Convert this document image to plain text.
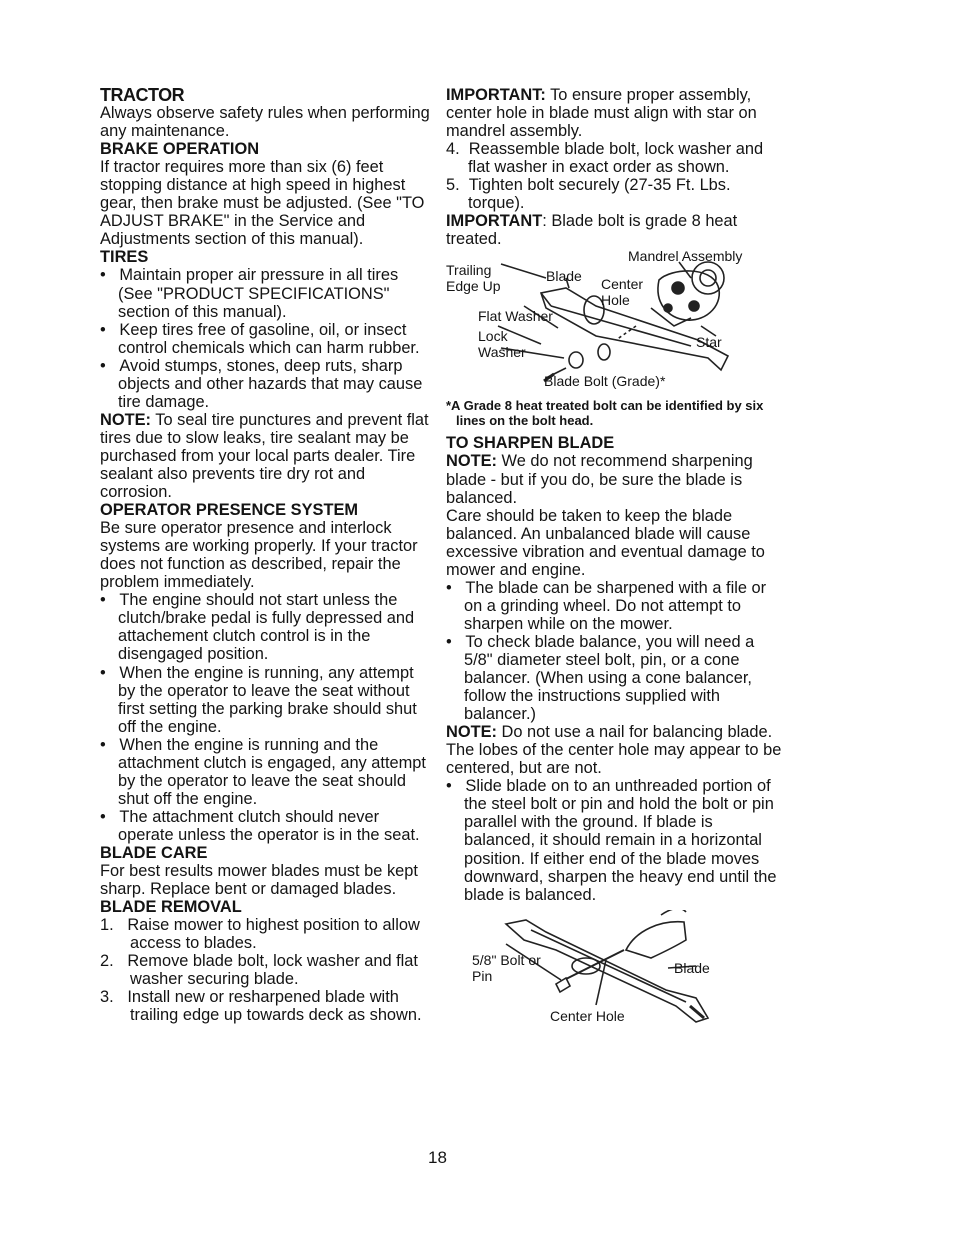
TRACTOR

Always observe safety rules when performing any maintenance.

BRAKE OPERATION

If tractor requires more than six (6) feet stopping distance at high speed in highest gear, then brake must be adjusted. (See "TO ADJUST BRAKE" in the Service and Adjustments section of this manual).

TIRES

•   Maintain proper air pressure in all tires (See "PRODUCT SPECIFICATIONS" section of this manual).

•   Keep tires free of gasoline, oil, or insect control chemicals which can harm rubber.

•   Avoid stumps, stones, deep ruts, sharp objects and other hazards that may cause tire damage.

NOTE: To seal tire punctures and prevent flat tires due to slow leaks, tire sealant may be purchased from your local parts dealer. Tire sealant also prevents tire dry rot and corrosion.

OPERATOR PRESENCE SYSTEM

Be sure operator presence and interlock systems are working properly. If your tractor does not function as described, repair the problem immediately.

•   The engine should not start unless the clutch/brake pedal is fully depressed and attachement clutch control is in the disengaged position.

•   When the engine is running, any attempt by the operator to leave the seat without first setting the parking brake should shut off the engine.

•   When the engine is running and the attachment clutch is engaged, any attempt by the operator to leave the seat should shut off the engine.

•   The attachment clutch should never operate unless the operator is in the seat.

BLADE CARE

For best results mower blades must be kept sharp. Replace bent or damaged blades.

BLADE REMOVAL

1. Raise mower to highest position to allow access to blades.

2. Remove blade bolt, lock washer and flat washer securing blade.

3. Install new or resharpened blade with trailing edge up towards deck as shown.

IMPORTANT: To ensure proper assembly, center hole in blade must align with star on mandrel assembly.

4. Reassemble blade bolt, lock washer and flat washer in exact order as shown.

5. Tighten bolt securely (27-35 Ft. Lbs. torque).

IMPORTANT: Blade bolt is grade 8 heat treated.

Mandrel Assembly
Trailing
Edge Up
Blade Center
Hole
Flat Washer
Lock
Washer
Star
Blade Bolt (Grade)*

*A Grade 8 heat treated bolt can be identified by six lines on the bolt head.

TO SHARPEN BLADE

NOTE: We do not recommend sharpening blade - but if you do, be sure the blade is balanced.

Care should be taken to keep the blade balanced. An unbalanced blade will cause excessive vibration and eventual damage to mower and engine.

•   The blade can be sharpened with a file or on a grinding wheel. Do not attempt to sharpen while on the mower.

•   To check blade balance, you will need a 5/8" diameter steel bolt, pin, or a cone balancer. (When using a cone balancer, follow the instructions supplied with balancer.)

NOTE: Do not use a nail for balancing blade. The lobes of the center hole may appear to be centered, but are not.

•   Slide blade on to an unthreaded portion of the steel bolt or pin and hold the bolt or pin parallel with the ground. If blade is balanced, it should remain in a horizontal position. If either end of the blade moves downward, sharpen the heavy end until the blade is balanced.

5/8" Bolt or
Pin	Blade
Center Hole
18
